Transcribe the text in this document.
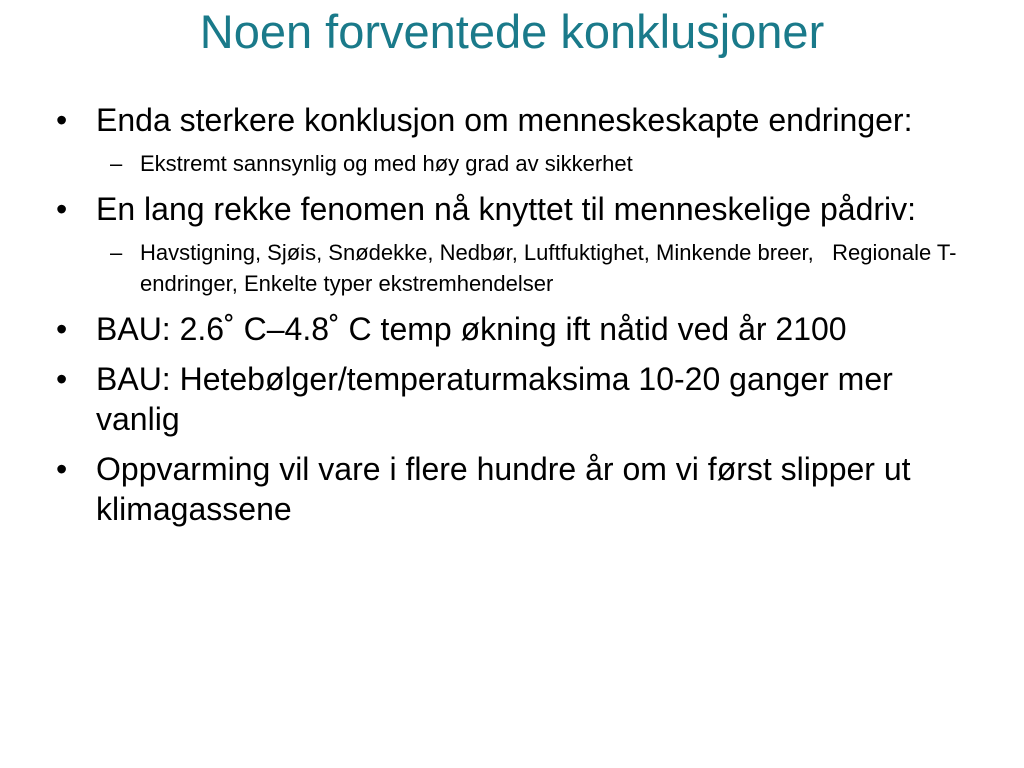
Noen forventede konklusjoner
• Enda sterkere konklusjon om menneskeskapte endringer:
– Ekstremt sannsynlig og med høy grad av sikkerhet
• En lang rekke fenomen nå knyttet til menneskelige pådriv:
– Havstigning, Sjøis, Snødekke, Nedbør, Luftfuktighet, Minkende breer,   Regionale T-endringer, Enkelte typer ekstremhendelser
• BAU: 2.6˚ C–4.8˚ C temp økning ift nåtid ved år 2100
• BAU: Hetebølger/temperaturmaksima 10-20 ganger mer vanlig
• Oppvarming vil vare i flere hundre år om vi først slipper ut klimagassene
